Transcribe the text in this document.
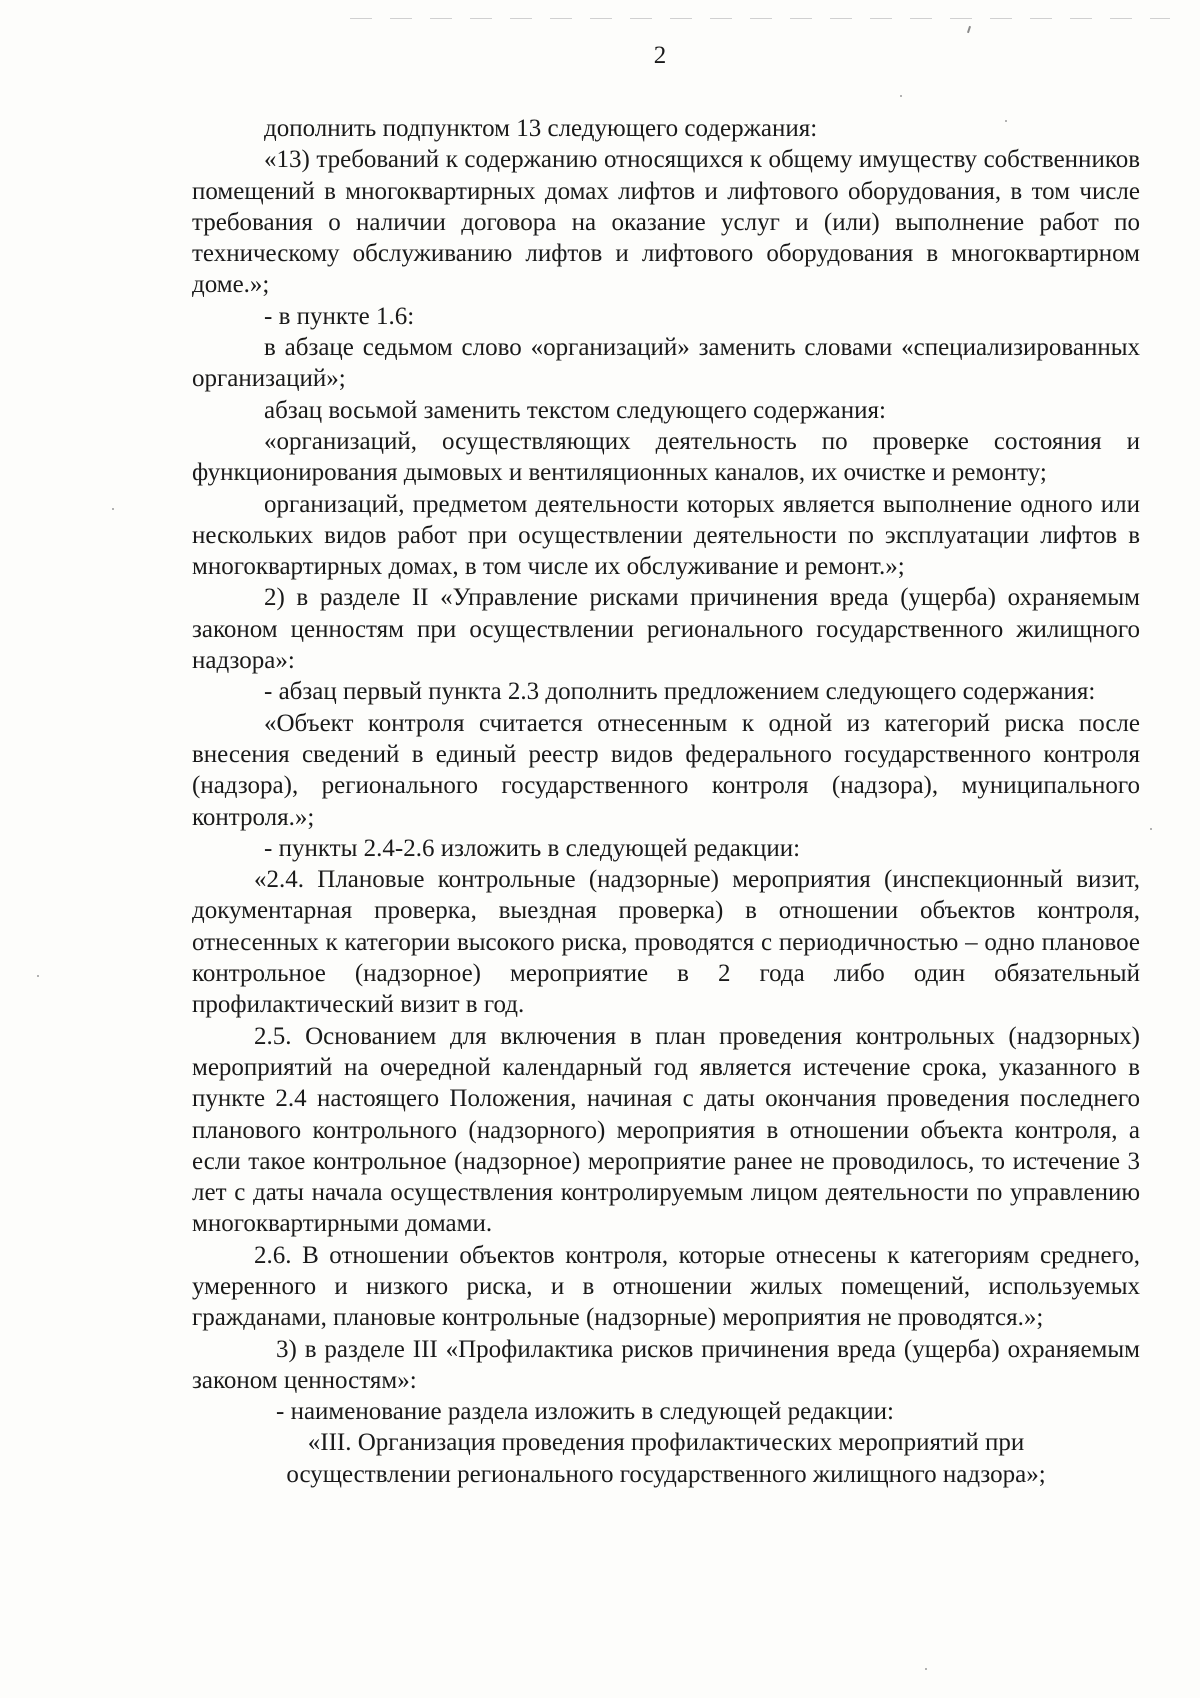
2

дополнить подпунктом 13 следующего содержания:

«13) требований к содержанию относящихся к общему имуществу собственников помещений в многоквартирных домах лифтов и лифтового оборудования, в том числе требования о наличии договора на оказание услуг и (или) выполнение работ по техническому обслуживанию лифтов и лифтового оборудования в многоквартирном доме.»;

- в пункте 1.6:

в абзаце седьмом слово «организаций» заменить словами «специализированных организаций»;

абзац восьмой заменить текстом следующего содержания:

«организаций, осуществляющих деятельность по проверке состояния и функционирования дымовых и вентиляционных каналов, их очистке и ремонту;

организаций, предметом деятельности которых является выполнение одного или нескольких видов работ при осуществлении деятельности по эксплуатации лифтов в многоквартирных домах, в том числе их обслуживание и ремонт.»;

2) в разделе II «Управление рисками причинения вреда (ущерба) охраняемым законом ценностям при осуществлении регионального государственного жилищного надзора»:

- абзац первый пункта 2.3 дополнить предложением следующего содержания:

«Объект контроля считается отнесенным к одной из категорий риска после внесения сведений в единый реестр видов федерального государственного контроля (надзора), регионального государственного контроля (надзора), муниципального контроля.»;

- пункты 2.4-2.6 изложить в следующей редакции:

«2.4. Плановые контрольные (надзорные) мероприятия (инспекционный визит, документарная проверка, выездная проверка) в отношении объектов контроля, отнесенных к категории высокого риска, проводятся с периодичностью – одно плановое контрольное (надзорное) мероприятие в 2 года либо один обязательный профилактический визит в год.

2.5. Основанием для включения в план проведения контрольных (надзорных) мероприятий на очередной календарный год является истечение срока, указанного в пункте 2.4 настоящего Положения, начиная с даты окончания проведения последнего планового контрольного (надзорного) мероприятия в отношении объекта контроля, а если такое контрольное (надзорное) мероприятие ранее не проводилось, то истечение 3 лет с даты начала осуществления контролируемым лицом деятельности по управлению многоквартирными домами.

2.6. В отношении объектов контроля, которые отнесены к категориям среднего, умеренного и низкого риска, и в отношении жилых помещений, используемых гражданами, плановые контрольные (надзорные) мероприятия не проводятся.»;

3) в разделе III «Профилактика рисков причинения вреда (ущерба) охраняемым законом ценностям»:

- наименование раздела изложить в следующей редакции:

«III. Организация проведения профилактических мероприятий при

осуществлении регионального государственного жилищного надзора»;
